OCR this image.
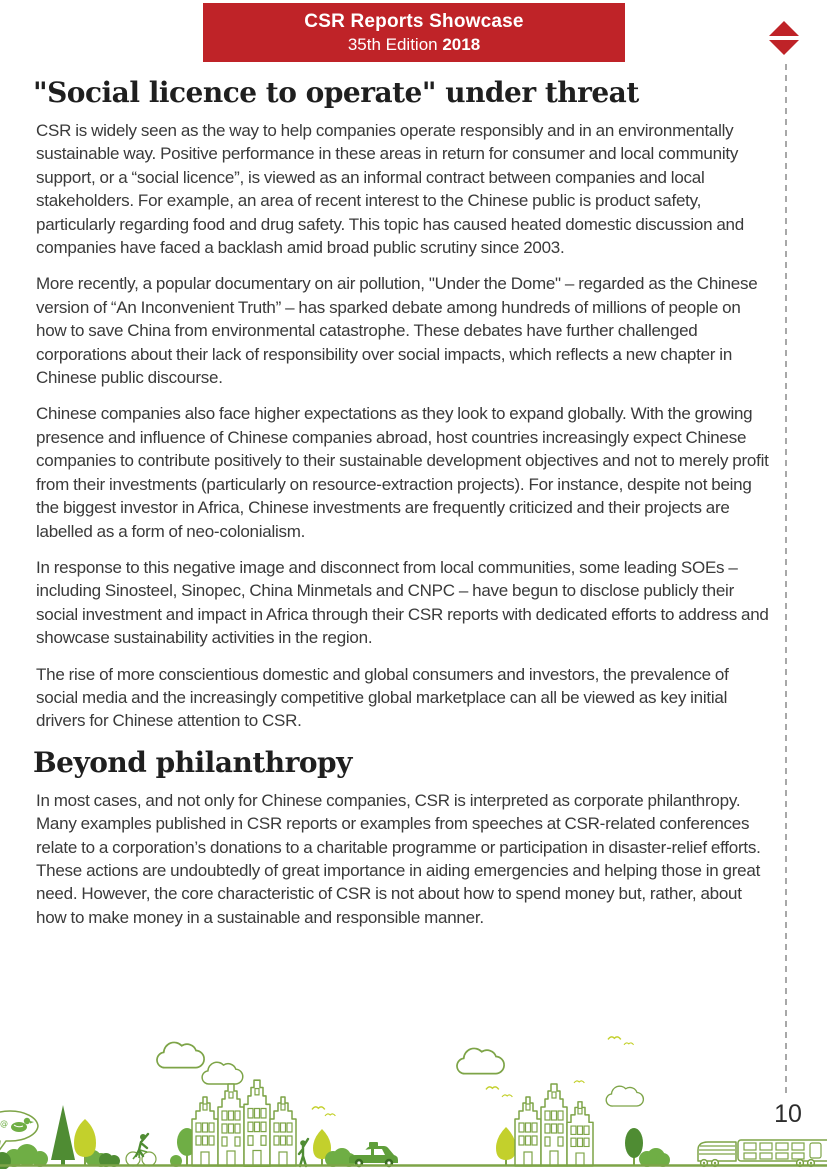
CSR Reports Showcase
35th Edition 2018
"Social licence to operate" under threat

CSR is widely seen as the way to help companies operate responsibly and in an environmentally sustainable way. Positive performance in these areas in return for consumer and local community support, or a “social licence”, is viewed as an informal contract between companies and local stakeholders. For example, an area of recent interest to the Chinese public is product safety, particularly regarding food and drug safety. This topic has caused heated domestic discussion and companies have faced a backlash amid broad public scrutiny since 2003.

More recently, a popular documentary on air pollution, "Under the Dome" – regarded as the Chinese version of “An Inconvenient Truth” – has sparked debate among hundreds of millions of people on how to save China from environmental catastrophe. These debates have further challenged corporations about their lack of responsibility over social impacts, which reflects a new chapter in Chinese public discourse.

Chinese companies also face higher expectations as they look to expand globally. With the growing presence and influence of Chinese companies abroad, host countries increasingly expect Chinese companies to contribute positively to their sustainable development objectives and not to merely profit from their investments (particularly on resource-extraction projects). For instance, despite not being the biggest investor in Africa, Chinese investments are frequently criticized and their projects are labelled as a form of neo-colonialism.

In response to this negative image and disconnect from local communities, some leading SOEs – including Sinosteel, Sinopec, China Minmetals and CNPC – have begun to disclose publicly their social investment and impact in Africa through their CSR reports with dedicated efforts to address and showcase sustainability activities in the region.

The rise of more conscientious domestic and global consumers and investors, the prevalence of social media and the increasingly competitive global marketplace can all be viewed as key initial drivers for Chinese attention to CSR.

Beyond philanthropy

In most cases, and not only for Chinese companies, CSR is interpreted as corporate philanthropy. Many examples published in CSR reports or examples from speeches at CSR-related conferences relate to a corporation’s donations to a charitable programme or participation in disaster-relief efforts. These actions are undoubtedly of great importance in aiding emergencies and helping those in great need. However, the core characteristic of CSR is not about how to spend money but, rather, about how to make money in a sustainable and responsible manner.

10
@
